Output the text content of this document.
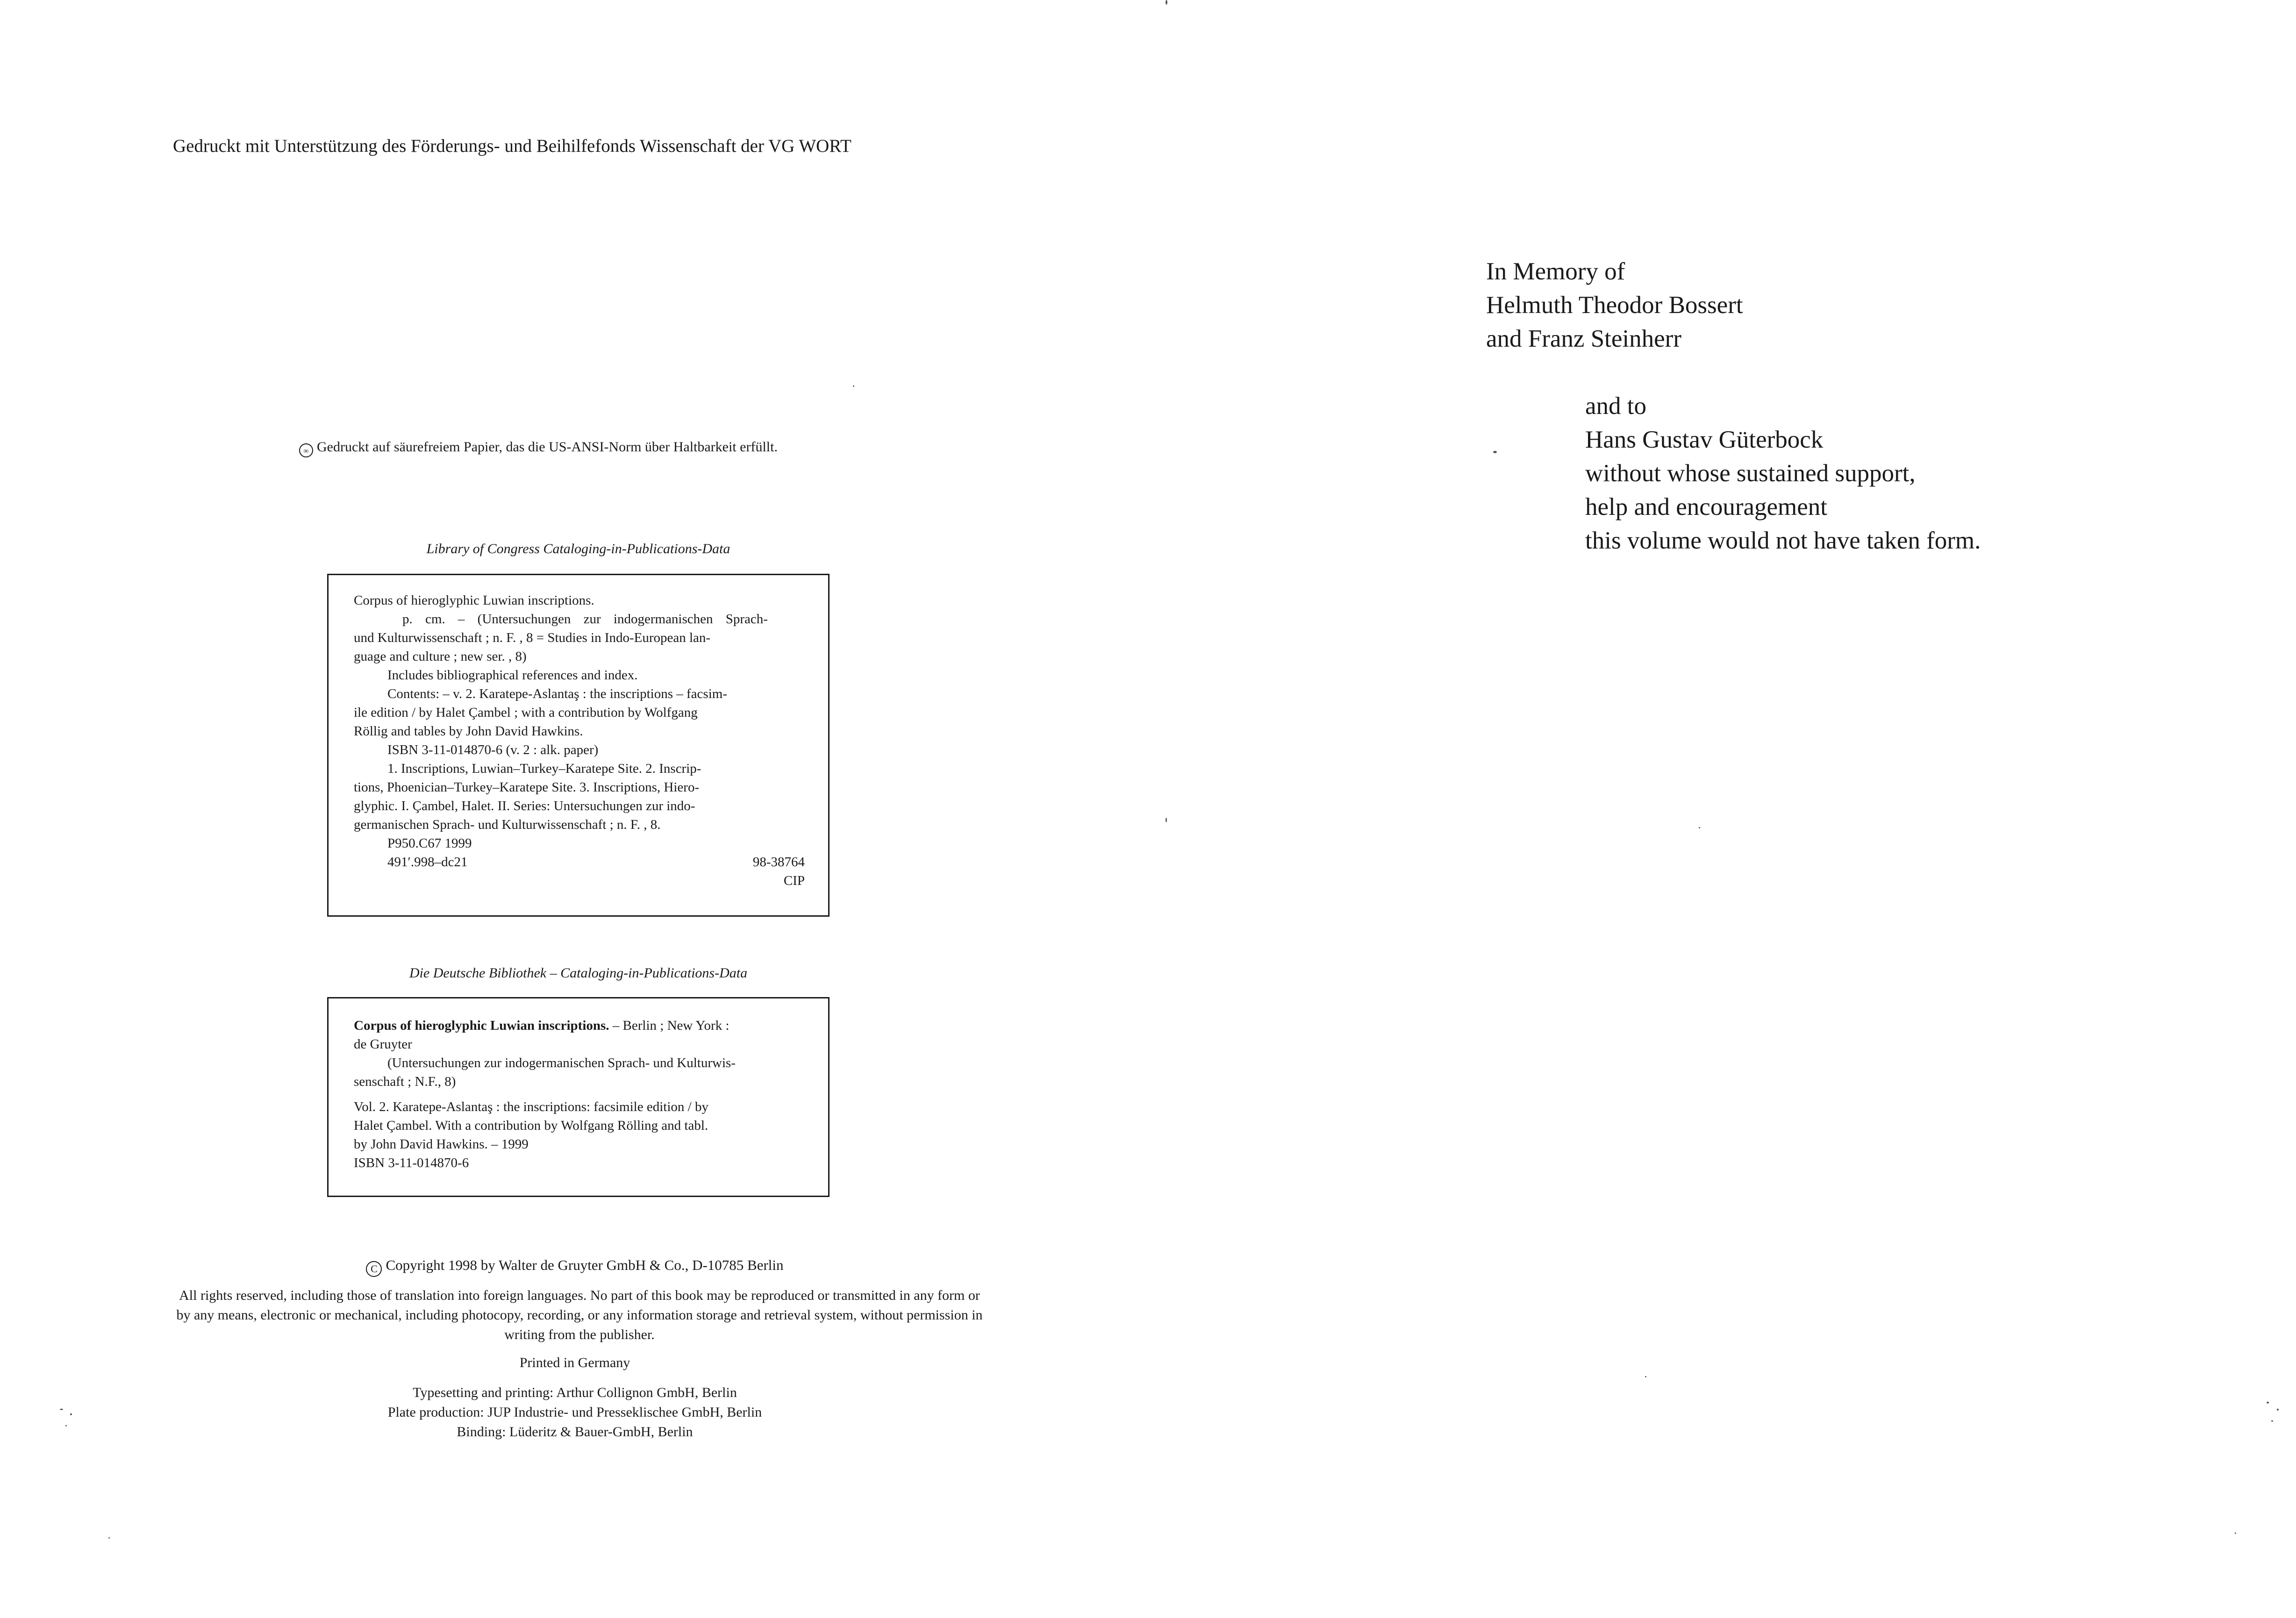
Gedruckt mit Unterstützung des Förderungs- und Beihilfefonds Wissenschaft der VG WORT
∞ Gedruckt auf säurefreiem Papier, das die US-ANSI-Norm über Haltbarkeit erfüllt.
Library of Congress Cataloging-in-Publications-Data

Corpus of hieroglyphic Luwian inscriptions.

p. cm. – (Untersuchungen zur indogermanischen Sprach-

und Kulturwissenschaft ; n. F. , 8 = Studies in Indo-European lan-

guage and culture ; new ser. , 8)

Includes bibliographical references and index.

Contents: – v. 2. Karatepe-Aslantaş : the inscriptions – facsim-

ile edition / by Halet Çambel ; with a contribution by Wolfgang

Röllig and tables by John David Hawkins.

ISBN 3-11-014870-6 (v. 2 : alk. paper)

1. Inscriptions, Luwian–Turkey–Karatepe Site. 2. Inscrip-

tions, Phoenician–Turkey–Karatepe Site. 3. Inscriptions, Hiero-

glyphic. I. Çambel, Halet. II. Series: Untersuchungen zur indo-

germanischen Sprach- und Kulturwissenschaft ; n. F. , 8.

P950.C67 1999

491′.998–dc21	98-38764

CIP

Die Deutsche Bibliothek – Cataloging-in-Publications-Data

Corpus of hieroglyphic Luwian inscriptions. – Berlin ; New York :

de Gruyter

(Untersuchungen zur indogermanischen Sprach- und Kulturwis-

senschaft ; N.F., 8)

Vol. 2. Karatepe-Aslantaş : the inscriptions: facsimile edition / by

Halet Çambel. With a contribution by Wolfgang Rölling and tabl.

by John David Hawkins. – 1999

ISBN 3-11-014870-6

C Copyright 1998 by Walter de Gruyter GmbH & Co., D-10785 Berlin

All rights reserved, including those of translation into foreign languages. No part of this book may be reproduced or transmitted in any form or

by any means, electronic or mechanical, including photocopy, recording, or any information storage and retrieval system, without permission in

writing from the publisher.

Printed in Germany

Typesetting and printing: Arthur Collignon GmbH, Berlin

Plate production: JUP Industrie- und Presseklischee GmbH, Berlin

Binding: Lüderitz & Bauer-GmbH, Berlin

In Memory of

Helmuth Theodor Bossert

and Franz Steinherr

and to

Hans Gustav Güterbock

without whose sustained support,

help and encouragement

this volume would not have taken form.
